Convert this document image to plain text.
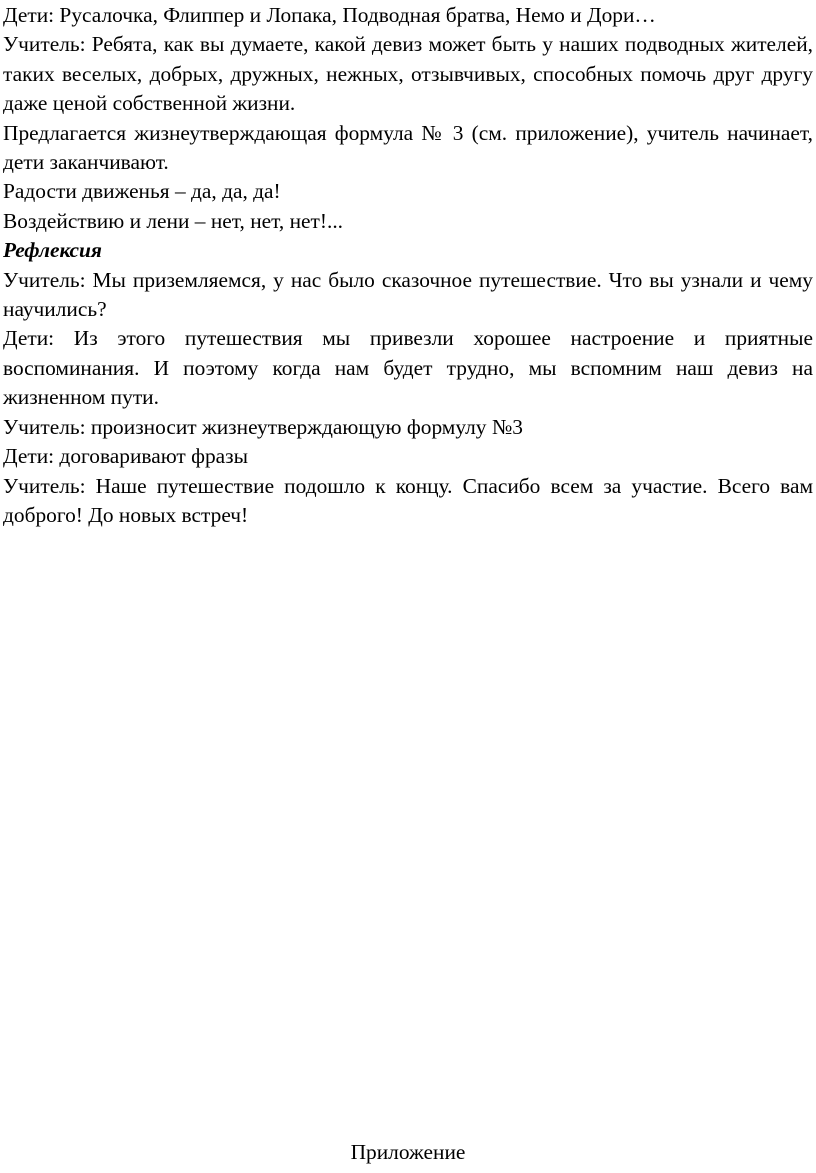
Дети: Русалочка, Флиппер и Лопака, Подводная братва, Немо и Дори…

Учитель: Ребята, как вы думаете, какой девиз может быть у наших подводных жителей, таких веселых, добрых, дружных, нежных, отзывчивых, способных помочь друг другу даже ценой собственной жизни.

Предлагается жизнеутверждающая формула № 3 (см. приложение), учитель начинает, дети заканчивают.

Радости движенья – да, да, да!

Воздействию и лени – нет, нет, нет!...

Рефлексия

Учитель: Мы приземляемся, у нас было сказочное путешествие. Что вы узнали и чему научились?

Дети: Из этого путешествия мы привезли хорошее настроение и приятные воспоминания. И поэтому когда нам будет трудно, мы вспомним наш девиз на жизненном пути.

Учитель: произносит жизнеутверждающую формулу №3

Дети: договаривают фразы

Учитель: Наше путешествие подошло к концу. Спасибо всем за участие. Всего вам доброго! До новых встреч!

Приложение
